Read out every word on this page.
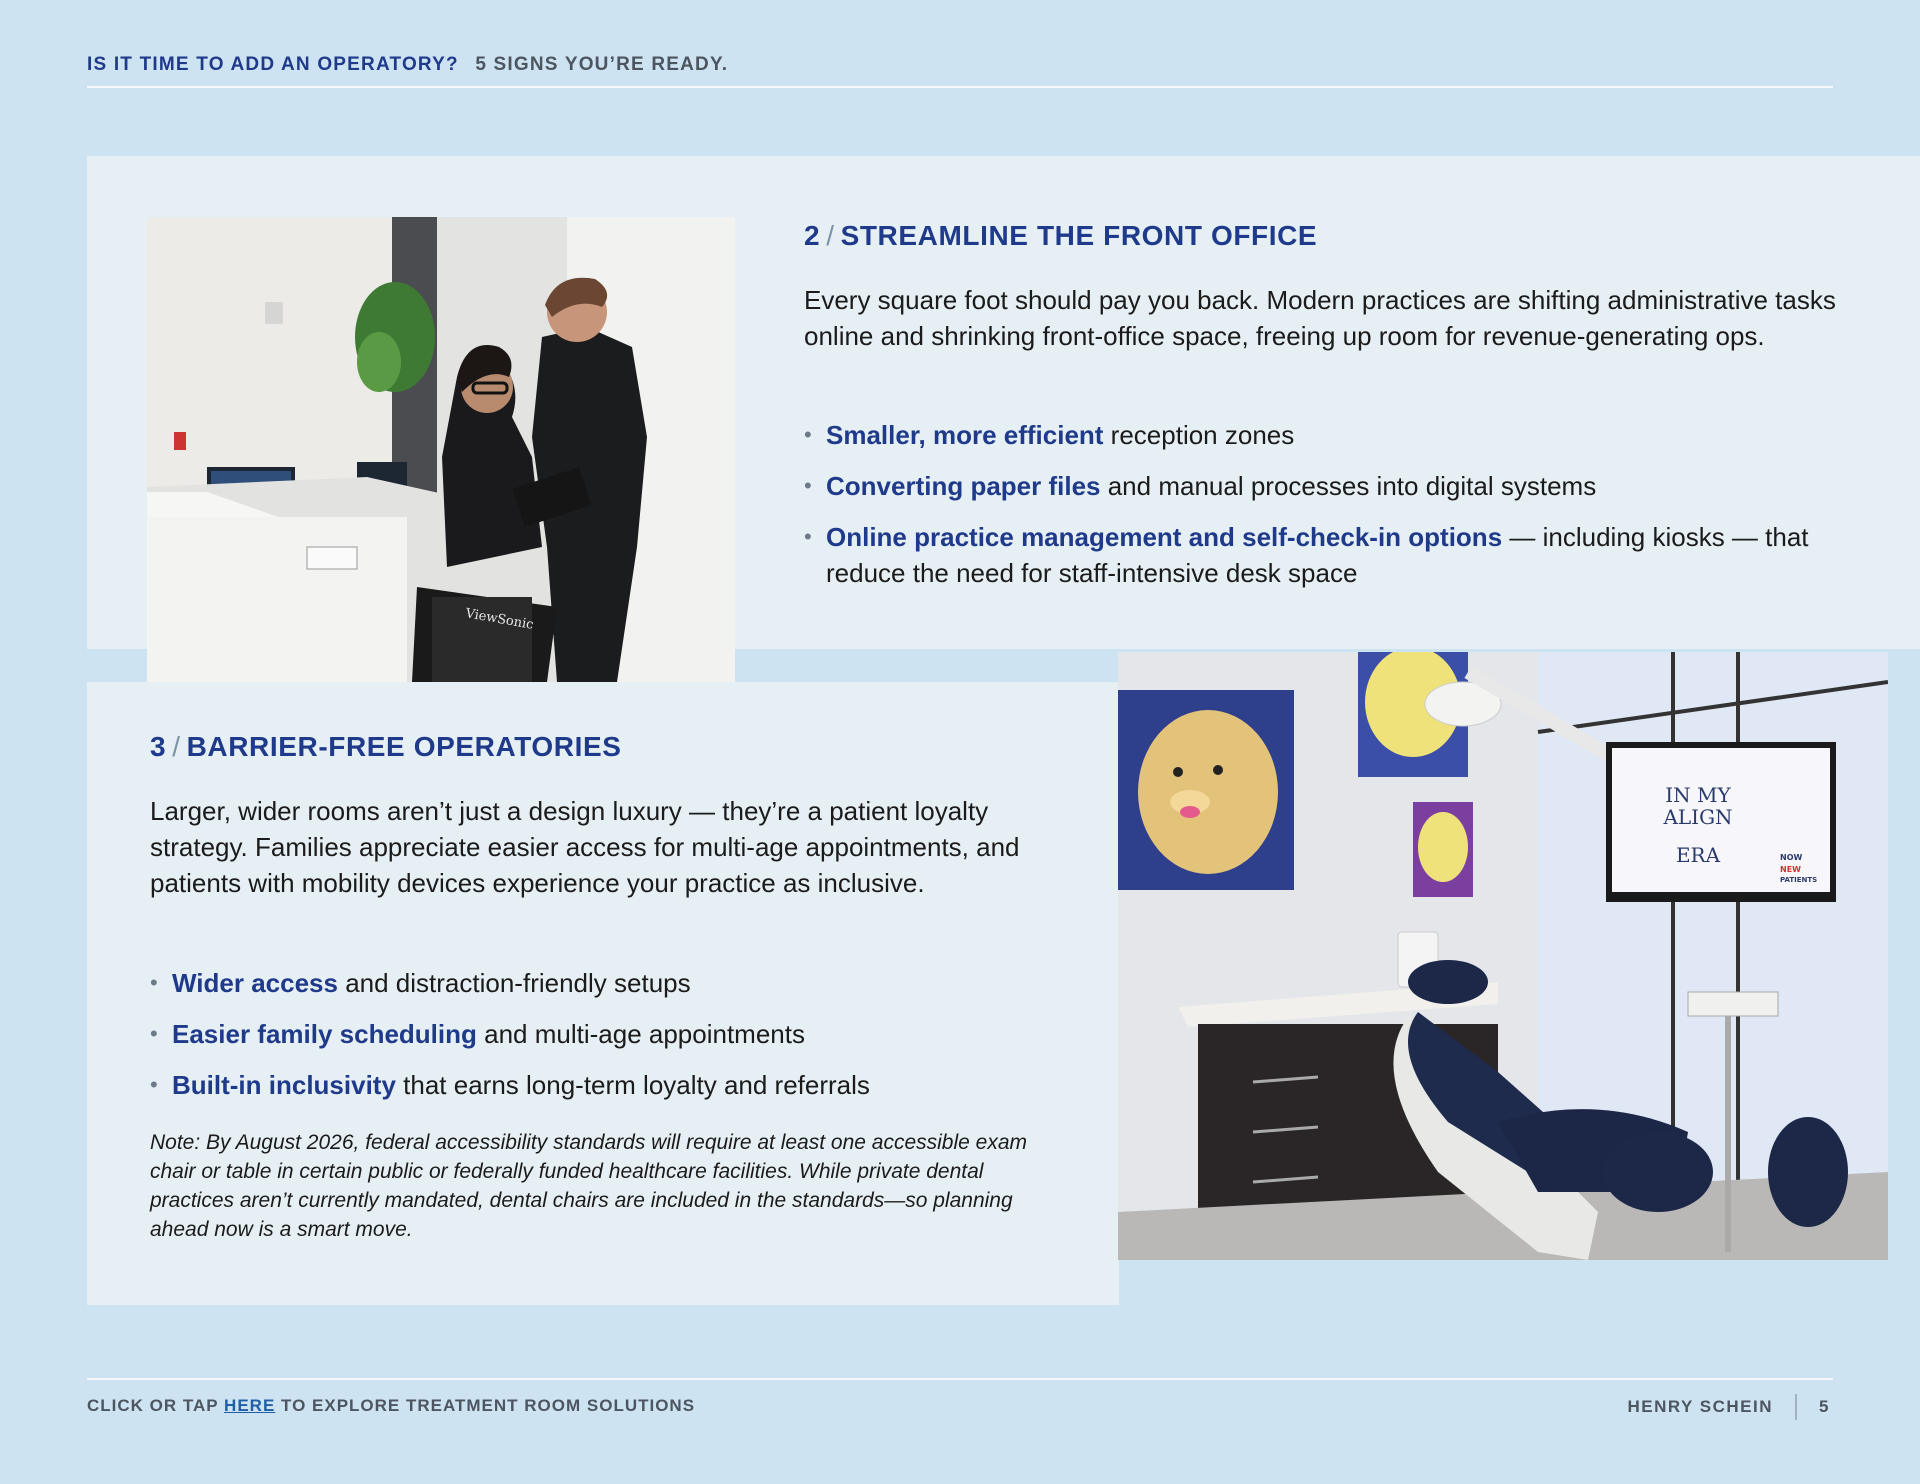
IS IT TIME TO ADD AN OPERATORY? 5 SIGNS YOU’RE READY.
ViewSonic
2 / STREAMLINE THE FRONT OFFICE
Every square foot should pay you back. Modern practices are shifting administrative tasks online and shrinking front-office space, freeing up room for revenue-generating ops.
• Smaller, more efficient reception zones
• Converting paper files and manual processes into digital systems
• Online practice management and self-check-in options — including kiosks — that reduce the need for staff-intensive desk space
IN MY
ALIGN
ERA	NOW
NEW
PATIENTS
3 / BARRIER-FREE OPERATORIES
Larger, wider rooms aren’t just a design luxury — they’re a patient loyalty strategy. Families appreciate easier access for multi-age appointments, and patients with mobility devices experience your practice as inclusive.
• Wider access and distraction-friendly setups
• Easier family scheduling and multi-age appointments
• Built-in inclusivity that earns long-term loyalty and referrals
Note: By August 2026, federal accessibility standards will require at least one accessible exam chair or table in certain public or federally funded healthcare facilities. While private dental practices aren’t currently mandated, dental chairs are included in the standards—so planning ahead now is a smart move.
CLICK OR TAP HERE TO EXPLORE TREATMENT ROOM SOLUTIONS	HENRY SCHEIN	5
